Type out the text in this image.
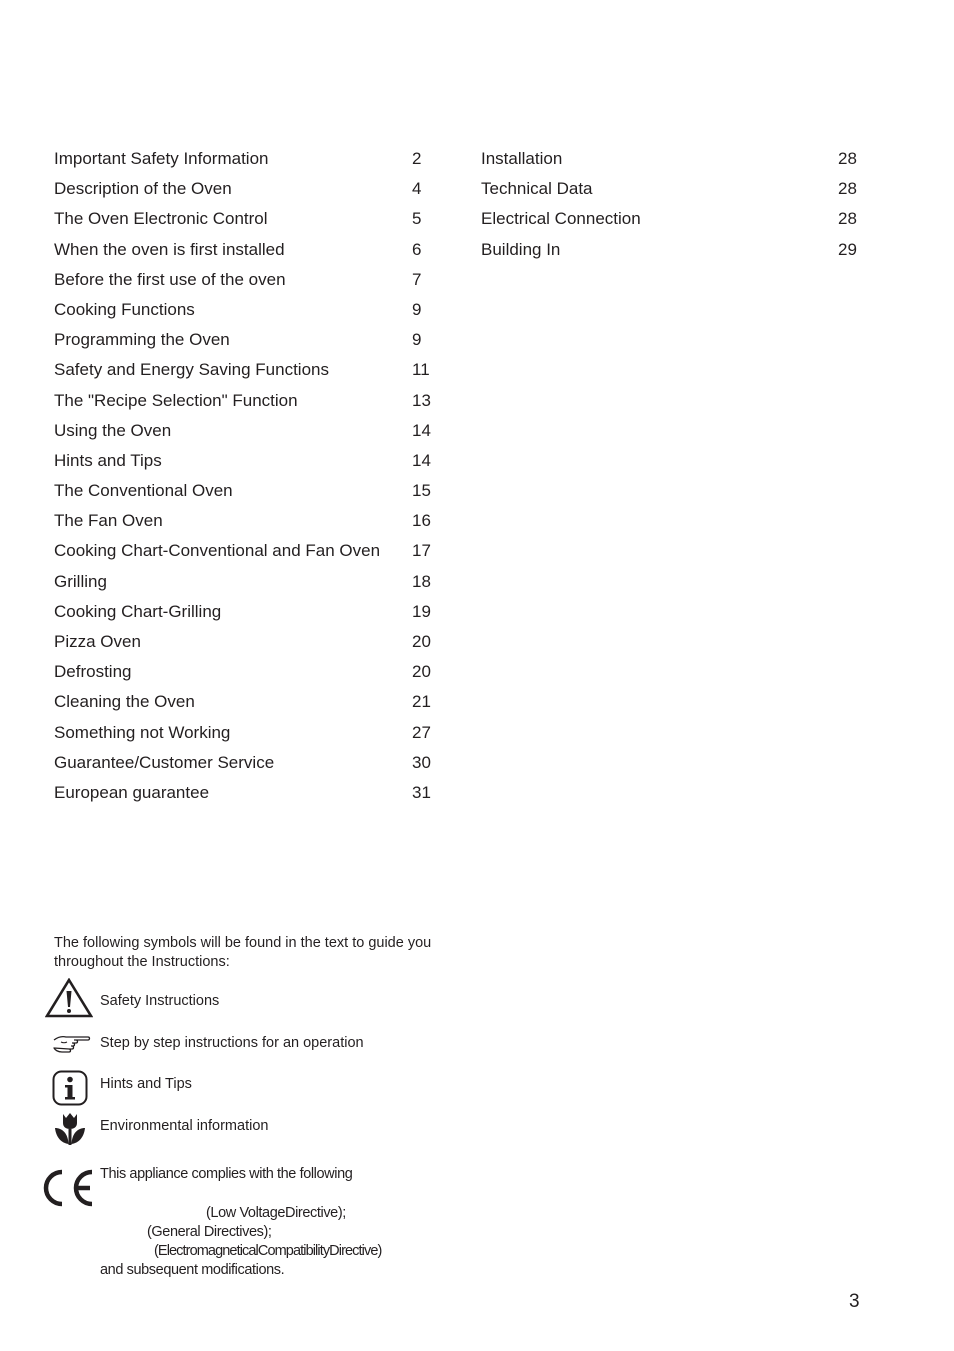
Important Safety Information	2
Description of the Oven	4
The Oven Electronic Control	5
When the oven is first installed	6
Before the first use of the oven	7
Cooking Functions	9
Programming the Oven	9
Safety and Energy Saving Functions	11
The "Recipe Selection" Function	13
Using the Oven	14
Hints and Tips	14
The Conventional Oven	15
The Fan Oven	16
Cooking Chart-Conventional and Fan Oven 17
Grilling	18
Cooking Chart-Grilling	19
Pizza Oven	20
Defrosting	20
Cleaning the Oven	21
Something not Working	27
Guarantee/Customer Service	30
European guarantee	31
Installation	28
Technical Data	28
Electrical Connection	28
Building In	29
The following symbols will be found in the text to guide you throughout the Instructions:
Safety Instructions
Step by step instructions for an operation
Hints and Tips
Environmental information
This appliance complies with the following
(Low VoltageDirective);
(General Directives);
(ElectromagneticalCompatibilityDirective)
and subsequent modifications.
3
